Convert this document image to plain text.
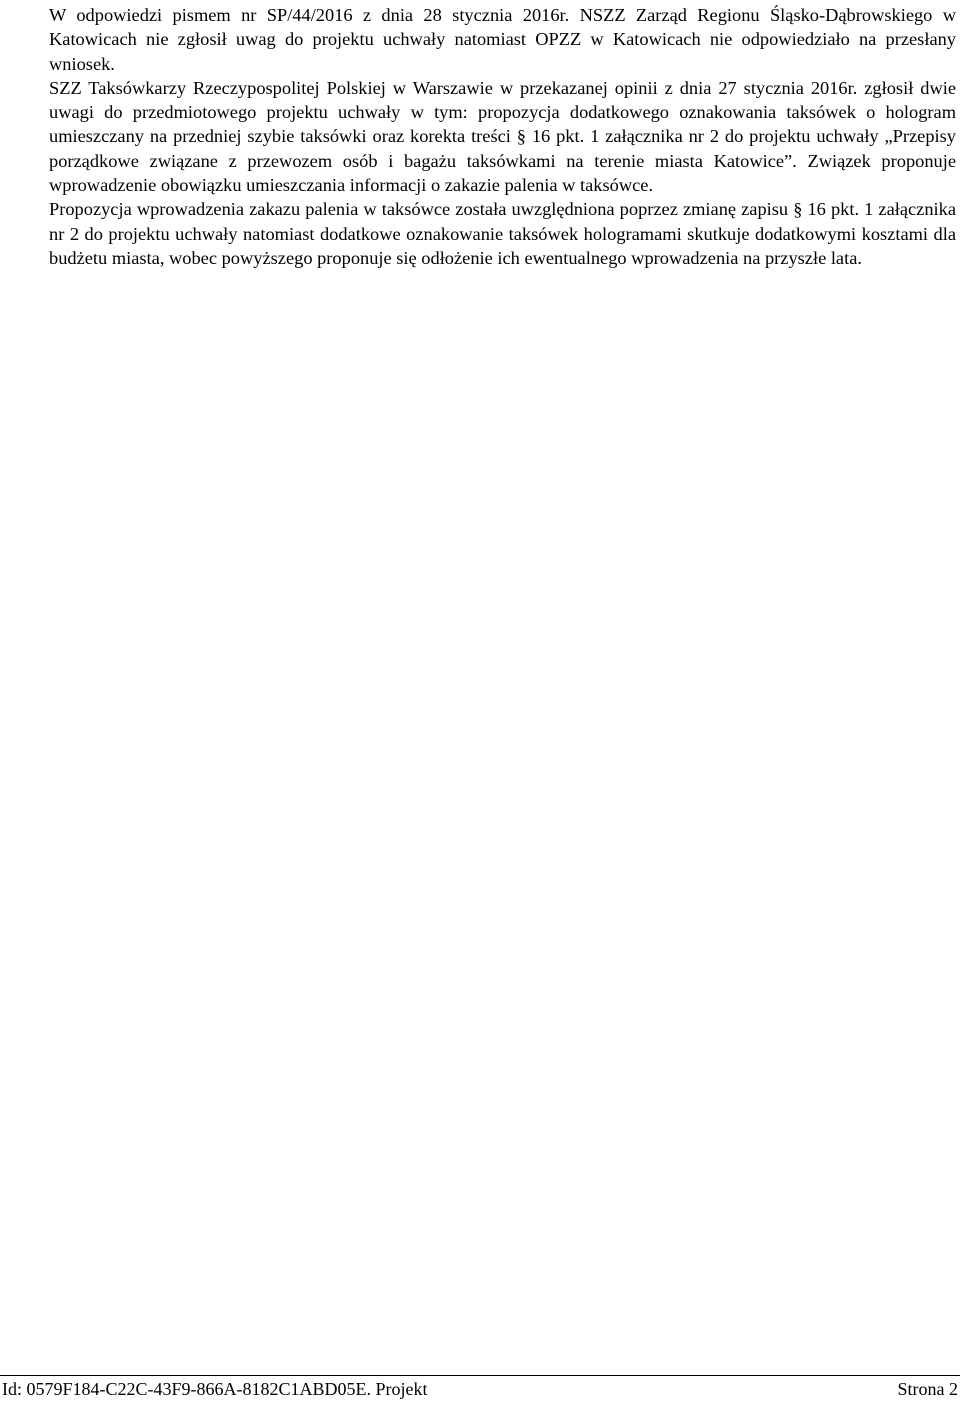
W odpowiedzi pismem nr SP/44/2016 z dnia 28 stycznia 2016r. NSZZ Zarząd Regionu Śląsko-Dąbrowskiego w Katowicach nie zgłosił uwag do projektu uchwały natomiast OPZZ w Katowicach nie odpowiedziało na przesłany wniosek.

SZZ Taksówkarzy Rzeczypospolitej Polskiej w Warszawie w przekazanej opinii z dnia 27 stycznia 2016r. zgłosił dwie uwagi do przedmiotowego projektu uchwały w tym: propozycja dodatkowego oznakowania taksówek o hologram umieszczany na przedniej szybie taksówki oraz korekta treści § 16 pkt. 1 załącznika nr 2 do projektu uchwały „Przepisy porządkowe związane z przewozem osób i bagażu taksówkami na terenie miasta Katowice”. Związek proponuje wprowadzenie obowiązku umieszczania informacji o zakazie palenia w taksówce.

Propozycja wprowadzenia zakazu palenia w taksówce została uwzględniona poprzez zmianę zapisu § 16 pkt. 1 załącznika nr 2 do projektu uchwały natomiast dodatkowe oznakowanie taksówek hologramami skutkuje dodatkowymi kosztami dla budżetu miasta, wobec powyższego proponuje się odłożenie ich ewentualnego wprowadzenia na przyszłe lata.

Id: 0579F184-C22C-43F9-866A-8182C1ABD05E. Projekt	Strona 2
